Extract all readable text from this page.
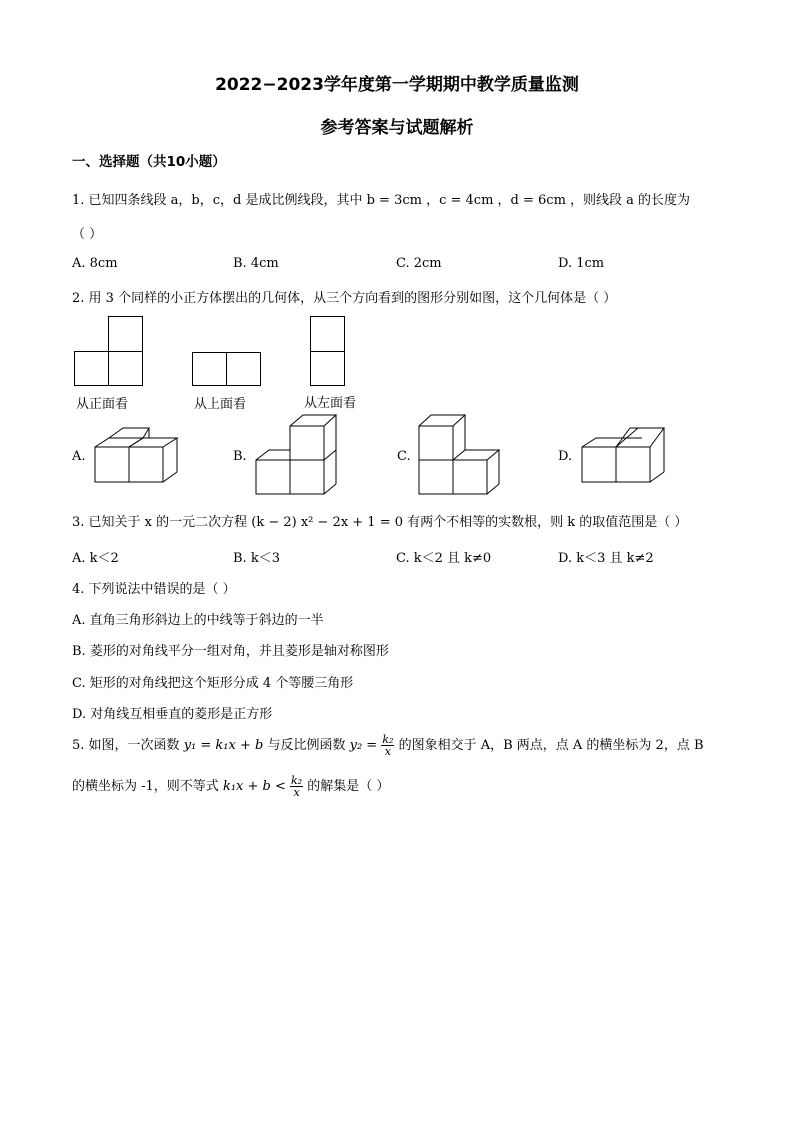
2022−2023学年度第一学期期中教学质量监测
参考答案与试题解析
一、选择题（共10小题）
1. 已知四条线段 a，b，c，d 是成比例线段，其中 b = 3cm ，c = 4cm ，d = 6cm ，则线段 a 的长度为
（ ）
A. 8cm	B. 4cm	C. 2cm	D. 1cm
2. 用 3 个同样的小正方体摆出的几何体，从三个方向看到的图形分别如图，这个几何体是（ ）
从正面看	从上面看	从左面看
A.	B.	C.	D.
3. 已知关于 x 的一元二次方程 (k − 2) x² − 2x + 1 = 0 有两个不相等的实数根，则 k 的取值范围是（ ）
A. k＜2	B. k＜3	C. k＜2 且 k≠0	D. k＜3 且 k≠2
4. 下列说法中错误的是（ ）
A. 直角三角形斜边上的中线等于斜边的一半
B. 菱形的对角线平分一组对角，并且菱形是轴对称图形
C. 矩形的对角线把这个矩形分成 4 个等腰三角形
D. 对角线互相垂直的菱形是正方形
5. 如图，一次函数 y₁ = k₁x + b 与反比例函数 $y_2 = \frac{\text{k₂}}{x}$ 的图象相交于 A，B 两点，点 A 的横坐标为 2，点 B
的横坐标为 -1，则不等式 $k_1x + b < \frac{\text{k₂}}{x}$ 的解集是（ ）
